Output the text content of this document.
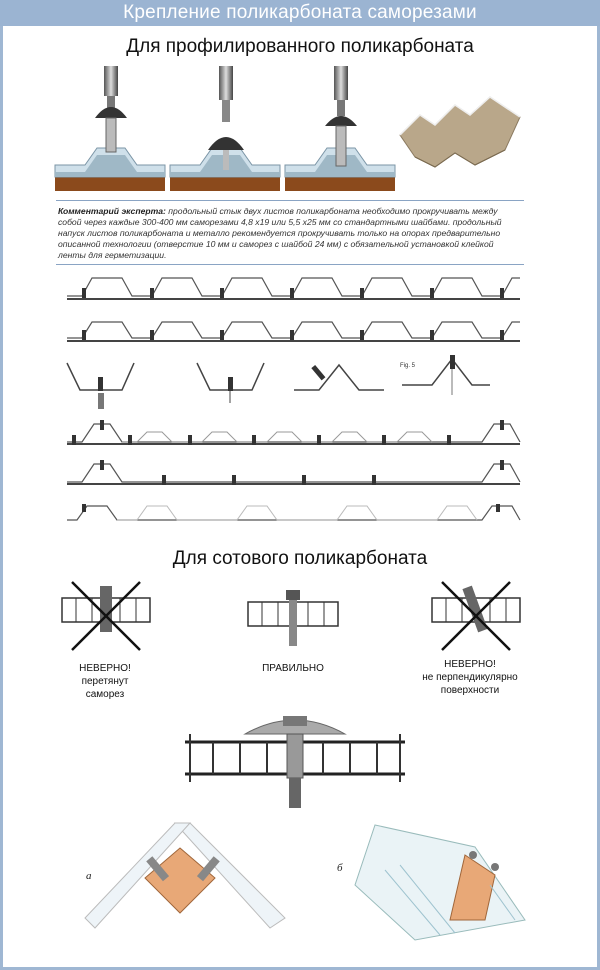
Крепление поликарбоната саморезами
Для профилированного поликарбоната
Комментарий эксперта: продольный стык двух листов поликарбоната необходимо прокручивать между собой через каждые 300-400 мм саморезами 4,8 х19 или 5,5 х25 мм со стандартными шайбами. продольный напуск листов поликарбоната и металло рекомендуется прокручивать только на опорах предварительно описанной технологии (отверстие 10 мм и саморез с шайбой 24 мм) с обязательной установкой клейкой ленты для герметизации.
Fig. 5
Для сотового поликарбоната
НЕВЕРНО!
перетянут
саморез
ПРАВИЛЬНО	НЕВЕРНО!
не перпендикулярно
поверхности
а
б
